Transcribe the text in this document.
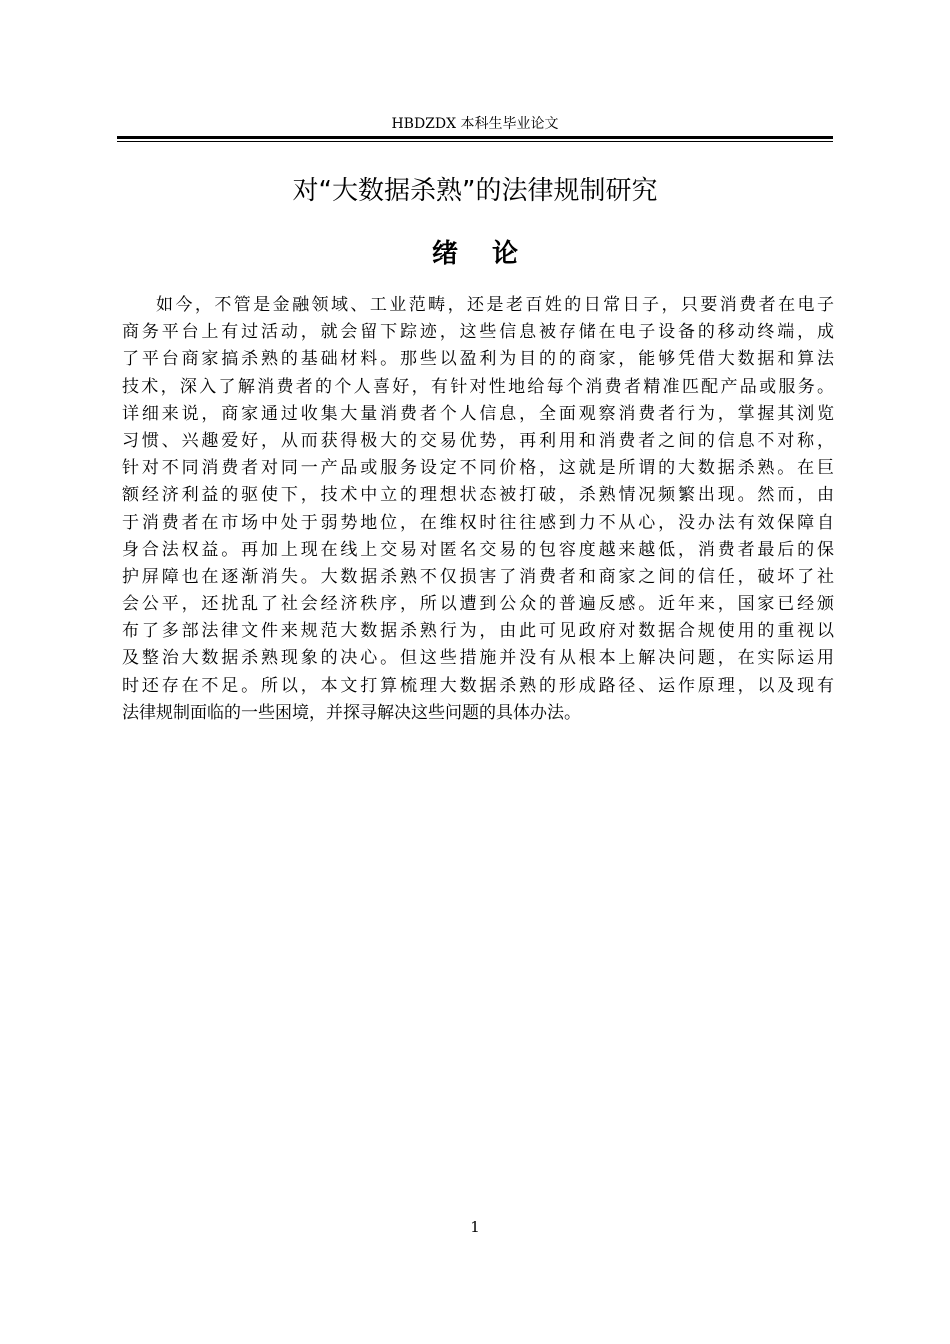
HBDZDX 本科生毕业论文
对“大数据杀熟”的法律规制研究
绪论
如今，不管是金融领域、工业范畴，还是老百姓的日常日子，只要消费者在电子
商务平台上有过活动，就会留下踪迹，这些信息被存储在电子设备的移动终端，成
了平台商家搞杀熟的基础材料。那些以盈利为目的的商家，能够凭借大数据和算法
技术，深入了解消费者的个人喜好，有针对性地给每个消费者精准匹配产品或服务。
详细来说，商家通过收集大量消费者个人信息，全面观察消费者行为，掌握其浏览
习惯、兴趣爱好，从而获得极大的交易优势，再利用和消费者之间的信息不对称，
针对不同消费者对同一产品或服务设定不同价格，这就是所谓的大数据杀熟。在巨
额经济利益的驱使下，技术中立的理想状态被打破，杀熟情况频繁出现。然而，由
于消费者在市场中处于弱势地位，在维权时往往感到力不从心，没办法有效保障自
身合法权益。再加上现在线上交易对匿名交易的包容度越来越低，消费者最后的保
护屏障也在逐渐消失。大数据杀熟不仅损害了消费者和商家之间的信任，破坏了社
会公平，还扰乱了社会经济秩序，所以遭到公众的普遍反感。近年来，国家已经颁
布了多部法律文件来规范大数据杀熟行为，由此可见政府对数据合规使用的重视以
及整治大数据杀熟现象的决心。但这些措施并没有从根本上解决问题，在实际运用
时还存在不足。所以，本文打算梳理大数据杀熟的形成路径、运作原理，以及现有
法律规制面临的一些困境，并探寻解决这些问题的具体办法。
1
